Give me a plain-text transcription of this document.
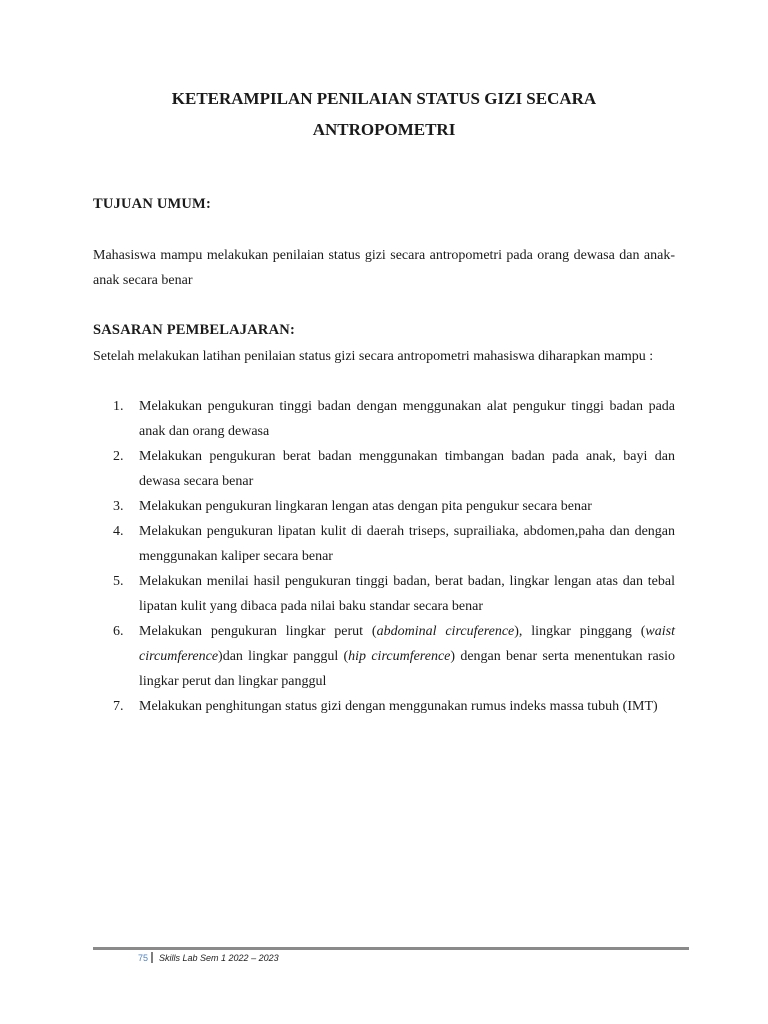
KETERAMPILAN PENILAIAN STATUS GIZI SECARA
ANTROPOMETRI
TUJUAN UMUM:
Mahasiswa mampu melakukan penilaian status gizi secara antropometri pada orang dewasa dan anak-anak secara benar
SASARAN PEMBELAJARAN:
Setelah melakukan latihan penilaian status gizi secara antropometri mahasiswa diharapkan mampu :
1. Melakukan pengukuran tinggi badan dengan menggunakan alat pengukur tinggi badan pada anak dan orang dewasa
2. Melakukan pengukuran berat badan menggunakan timbangan badan pada anak, bayi dan dewasa secara benar
3. Melakukan pengukuran lingkaran lengan atas dengan pita pengukur secara benar
4. Melakukan pengukuran lipatan kulit di daerah triseps, suprailiaka, abdomen,paha dan dengan menggunakan kaliper secara benar
5. Melakukan menilai hasil pengukuran tinggi badan, berat badan, lingkar lengan atas dan tebal lipatan kulit yang dibaca pada nilai baku standar secara benar
6. Melakukan pengukuran lingkar perut (abdominal circuference), lingkar pinggang (waist circumference)dan lingkar panggul (hip circumference) dengan benar serta menentukan rasio lingkar perut dan lingkar panggul
7. Melakukan penghitungan status gizi dengan menggunakan rumus indeks massa tubuh (IMT)
75 Skills Lab Sem 1 2022 – 2023
